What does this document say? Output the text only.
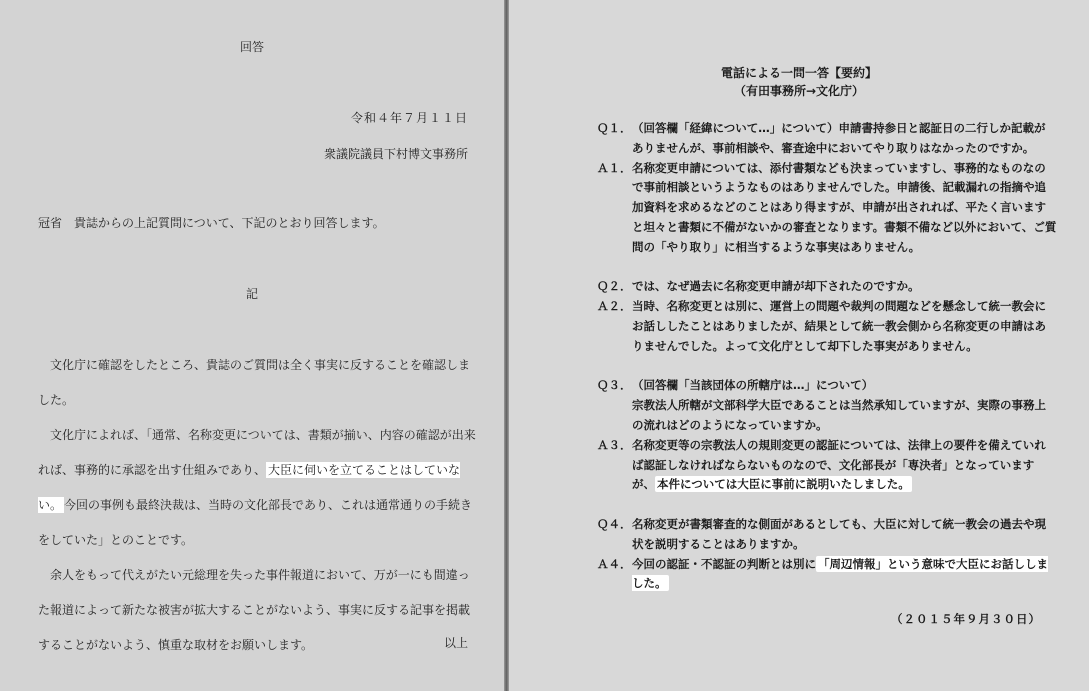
回答
令和４年７月１１日
衆議院議員下村博文事務所
冠省　貴誌からの上記質問について、下記のとおり回答します。
記

文化庁に確認をしたところ、貴誌のご質問は全く事実に反することを確認しました。

文化庁によれば、「通常、名称変更については、書類が揃い、内容の確認が出来れば、事務的に承認を出す仕組みであり、 大臣に伺いを立てることはしていない。 今回の事例も最終決裁は、当時の文化部長であり、これは通常通りの手続きをしていた」とのことです。

余人をもって代えがたい元総理を失った事件報道において、万が一にも間違った報道によって新たな被害が拡大することがないよう、事実に反する記事を掲載することがないよう、慎重な取材をお願いします。	以上
電話による一問一答【要約】
（有田事務所→文化庁）
Ｑ１． （回答欄「経緯について…」について）申請書持参日と認証日の二行しか記載がありませんが、事前相談や、審査途中においてやり取りはなかったのですか。
Ａ１． 名称変更申請については、添付書類なども決まっていますし、事務的なものなので事前相談というようなものはありませんでした。申請後、記載漏れの指摘や追加資料を求めるなどのことはあり得ますが、申請が出されれば、平たく言いますと坦々と書類に不備がないかの審査となります。書類不備など以外において、ご質問の「やり取り」に相当するような事実はありません。
Ｑ２． では、なぜ過去に名称変更申請が却下されたのですか。
Ａ２． 当時、名称変更とは別に、運営上の問題や裁判の問題などを懸念して統一教会にお話ししたことはありましたが、結果として統一教会側から名称変更の申請はありませんでした。よって文化庁として却下した事実がありません。
Ｑ３． （回答欄「当該団体の所轄庁は…」について）
宗教法人所轄が文部科学大臣であることは当然承知していますが、実際の事務上の流れはどのようになっていますか。
Ａ３． 名称変更等の宗教法人の規則変更の認証については、法律上の要件を備えていれば認証しなければならないものなので、文化部長が「専決者」となっていますが、 本件については大臣に事前に説明いたしました。
Ｑ４． 名称変更が書類審査的な側面があるとしても、大臣に対して統一教会の過去や現状を説明することはありますか。
Ａ４． 今回の認証・不認証の判断とは別に 「周辺情報」という意味で大臣にお話ししました。
（２０１５年９月３０日）
